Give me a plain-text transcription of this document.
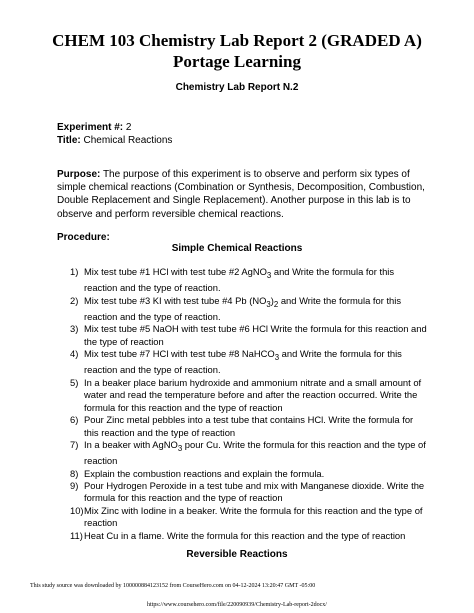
CHEM 103 Chemistry Lab Report 2 (GRADED A)
Portage Learning
Chemistry Lab Report N.2
Experiment #: 2
Title: Chemical Reactions
Purpose: The purpose of this experiment is to observe and perform six types of simple chemical reactions (Combination or Synthesis, Decomposition, Combustion, Double Replacement and Single Replacement). Another purpose in this lab is to observe and perform reversible chemical reactions.
Procedure:
Simple Chemical Reactions
1) Mix test tube #1 HCl with test tube #2 AgNO$_3$ and Write the formula for this reaction and the type of reaction.
2) Mix test tube #3 KI with test tube #4 Pb $(NO_3)_2$ and Write the formula for this reaction and the type of reaction.
3) Mix test tube #5 NaOH with test tube #6 HCl Write the formula for this reaction and the type of reaction
4) Mix test tube #7 HCl with test tube #8 NaHCO$_3$ and Write the formula for this reaction and the type of reaction.
5) In a beaker place barium hydroxide and ammonium nitrate and a small amount of water and read the temperature before and after the reaction occurred. Write the formula for this reaction and the type of reaction
6) Pour Zinc metal pebbles into a test tube that contains HCl. Write the formula for this reaction and the type of reaction
7) In a beaker with AgNO$_3$ pour Cu. Write the formula for this reaction and the type of reaction
8) Explain the combustion reactions and explain the formula.
9) Pour Hydrogen Peroxide in a test tube and mix with Manganese dioxide. Write the formula for this reaction and the type of reaction
10) Mix Zinc with Iodine in a beaker. Write the formula for this reaction and the type of reaction
11) Heat Cu in a flame. Write the formula for this reaction and the type of reaction
Reversible Reactions
This study source was downloaded by 100000884123152 from CourseHero.com on 04-12-2024 13:20:47 GMT -05:00
https://www.coursehero.com/file/220090939/Chemistry-Lab-report-2docx/
